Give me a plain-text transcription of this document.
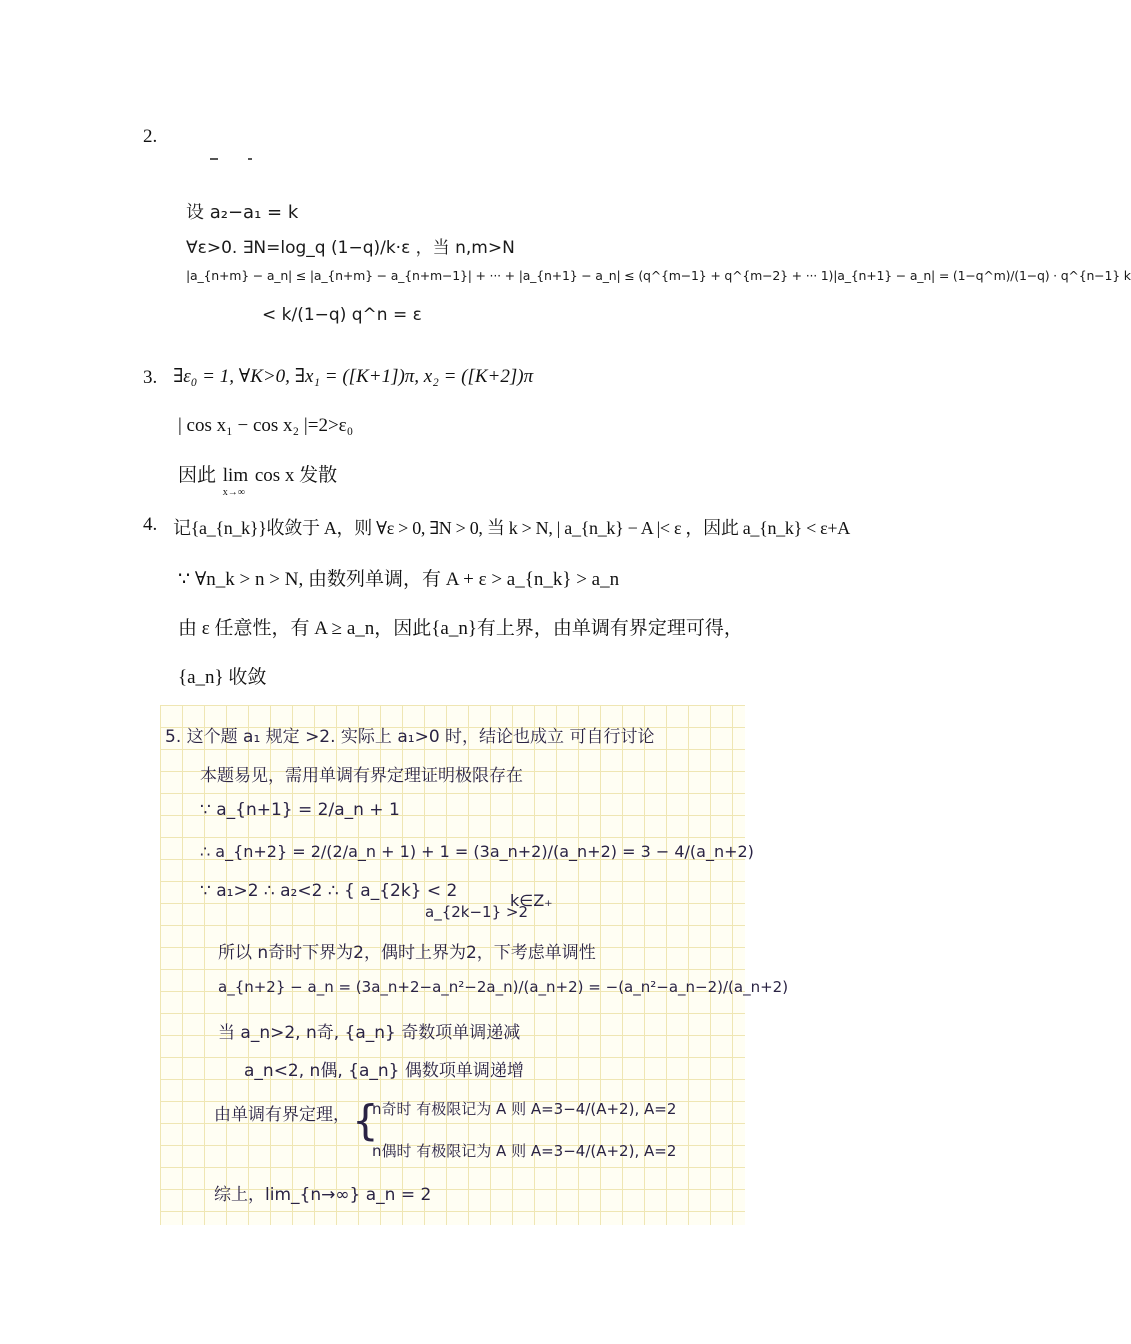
2.
设 a₂−a₁ = k
∀ε>0. ∃N=log_q (1−q)/k·ε ，当 n,m>N
|a_{n+m} − a_n| ≤ |a_{n+m} − a_{n+m−1}| + ··· + |a_{n+1} − a_n| ≤ (q^{m−1} + q^{m−2} + ··· 1)|a_{n+1} − a_n| = (1−q^m)/(1−q) · q^{n−1} k
< k/(1−q) q^n = ε
3. ∃ε₀ = 1, ∀K>0, ∃x₁ = ([K+1])π, x₂ = ([K+2])π
| cos x₁ − cos x₂ |=2>ε₀
因此 lim
x→∞
cos x 发散
4. 记{a_{n_k}}收敛于 A，则 ∀ε > 0, ∃N > 0, 当 k > N, | a_{n_k} − A |< ε ，因此 a_{n_k} < ε+A
∵ ∀n_k > n > N, 由数列单调，有 A + ε > a_{n_k} > a_n
由 ε 任意性，有 A ≥ a_n，因此{a_n}有上界，由单调有界定理可得，
{a_n} 收敛
5. 这个题 a₁ 规定 >2. 实际上 a₁>0 时，结论也成立 可自行讨论
本题易见，需用单调有界定理证明极限存在
∵ a_{n+1} = 2/a_n + 1
∴ a_{n+2} = 2/(2/a_n + 1) + 1 = (3a_n+2)/(a_n+2) = 3 − 4/(a_n+2)
∵ a₁>2 ∴ a₂<2 ∴ { a_{2k} < 2
a_{2k−1} >2
k∈Z₊
所以 n奇时下界为2，偶时上界为2，下考虑单调性
a_{n+2} − a_n = (3a_n+2−a_n²−2a_n)/(a_n+2) = −(a_n²−a_n−2)/(a_n+2)
当 a_n>2, n奇, {a_n} 奇数项单调递减
a_n<2, n偶, {a_n} 偶数项单调递增
由单调有界定理， {
n奇时 有极限记为 A 则 A=3−4/(A+2), A=2
n偶时 有极限记为 A 则 A=3−4/(A+2), A=2
综上，lim_{n→∞} a_n = 2
